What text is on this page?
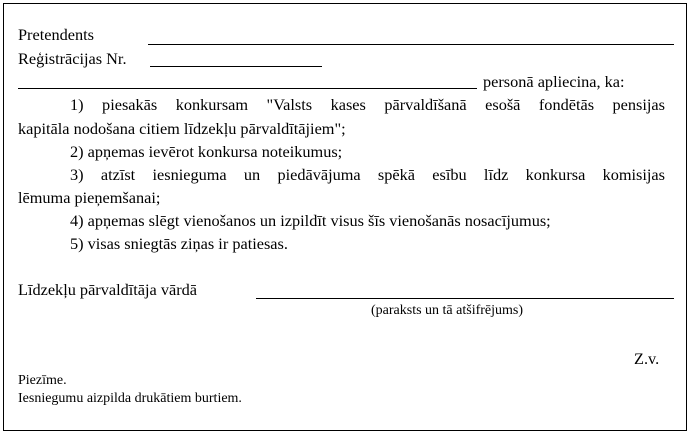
Pretendents
Reģistrācijas Nr.
personā apliecina, ka:
1) piesakās konkursam "Valsts kases pārvaldīšanā esošā fondētās pensijas
kapitāla nodošana citiem līdzekļu pārvaldītājiem";
2) apņemas ievērot konkursa noteikumus;
3) atzīst iesnieguma un piedāvājuma spēkā esību līdz konkursa komisijas
lēmuma pieņemšanai;
4) apņemas slēgt vienošanos un izpildīt visus šīs vienošanās nosacījumus;
5) visas sniegtās ziņas ir patiesas.
Līdzekļu pārvaldītāja vārdā
(paraksts un tā atšifrējums)
Z.v.
Piezīme.
Iesniegumu aizpilda drukātiem burtiem.
